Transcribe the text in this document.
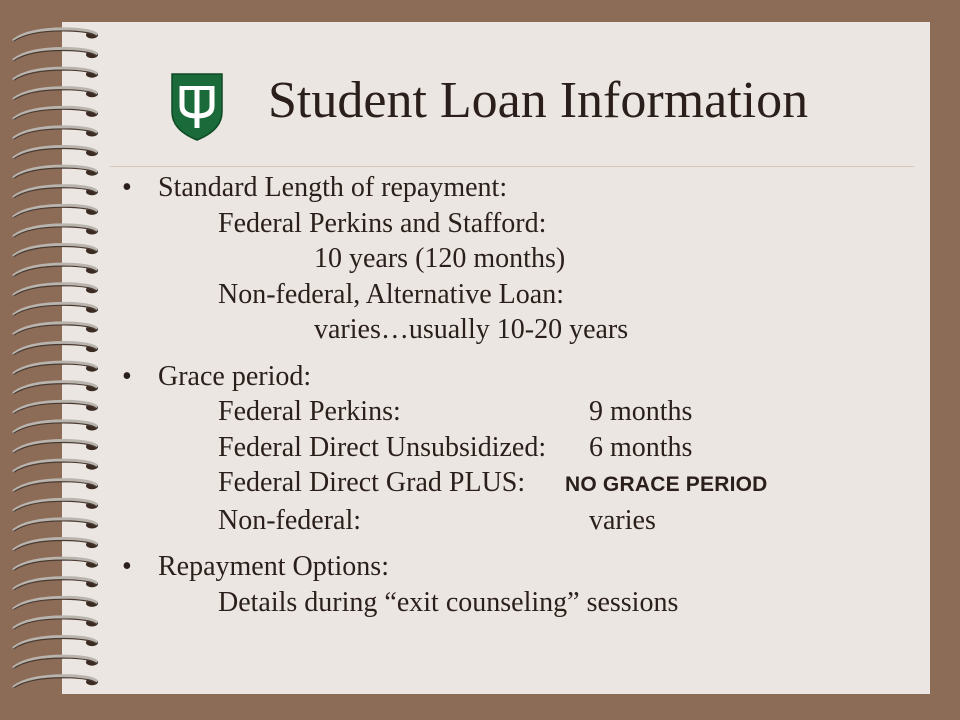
Student Loan Information
• Standard Length of repayment:
Federal Perkins and Stafford:
10 years (120 months)
Non-federal, Alternative Loan:
varies…usually 10-20 years
• Grace period:
Federal Perkins:	9 months
Federal Direct Unsubsidized:	6 months
Federal Direct Grad PLUS:	NO GRACE PERIOD
Non-federal:	varies
• Repayment Options:
Details during “exit counseling” sessions
